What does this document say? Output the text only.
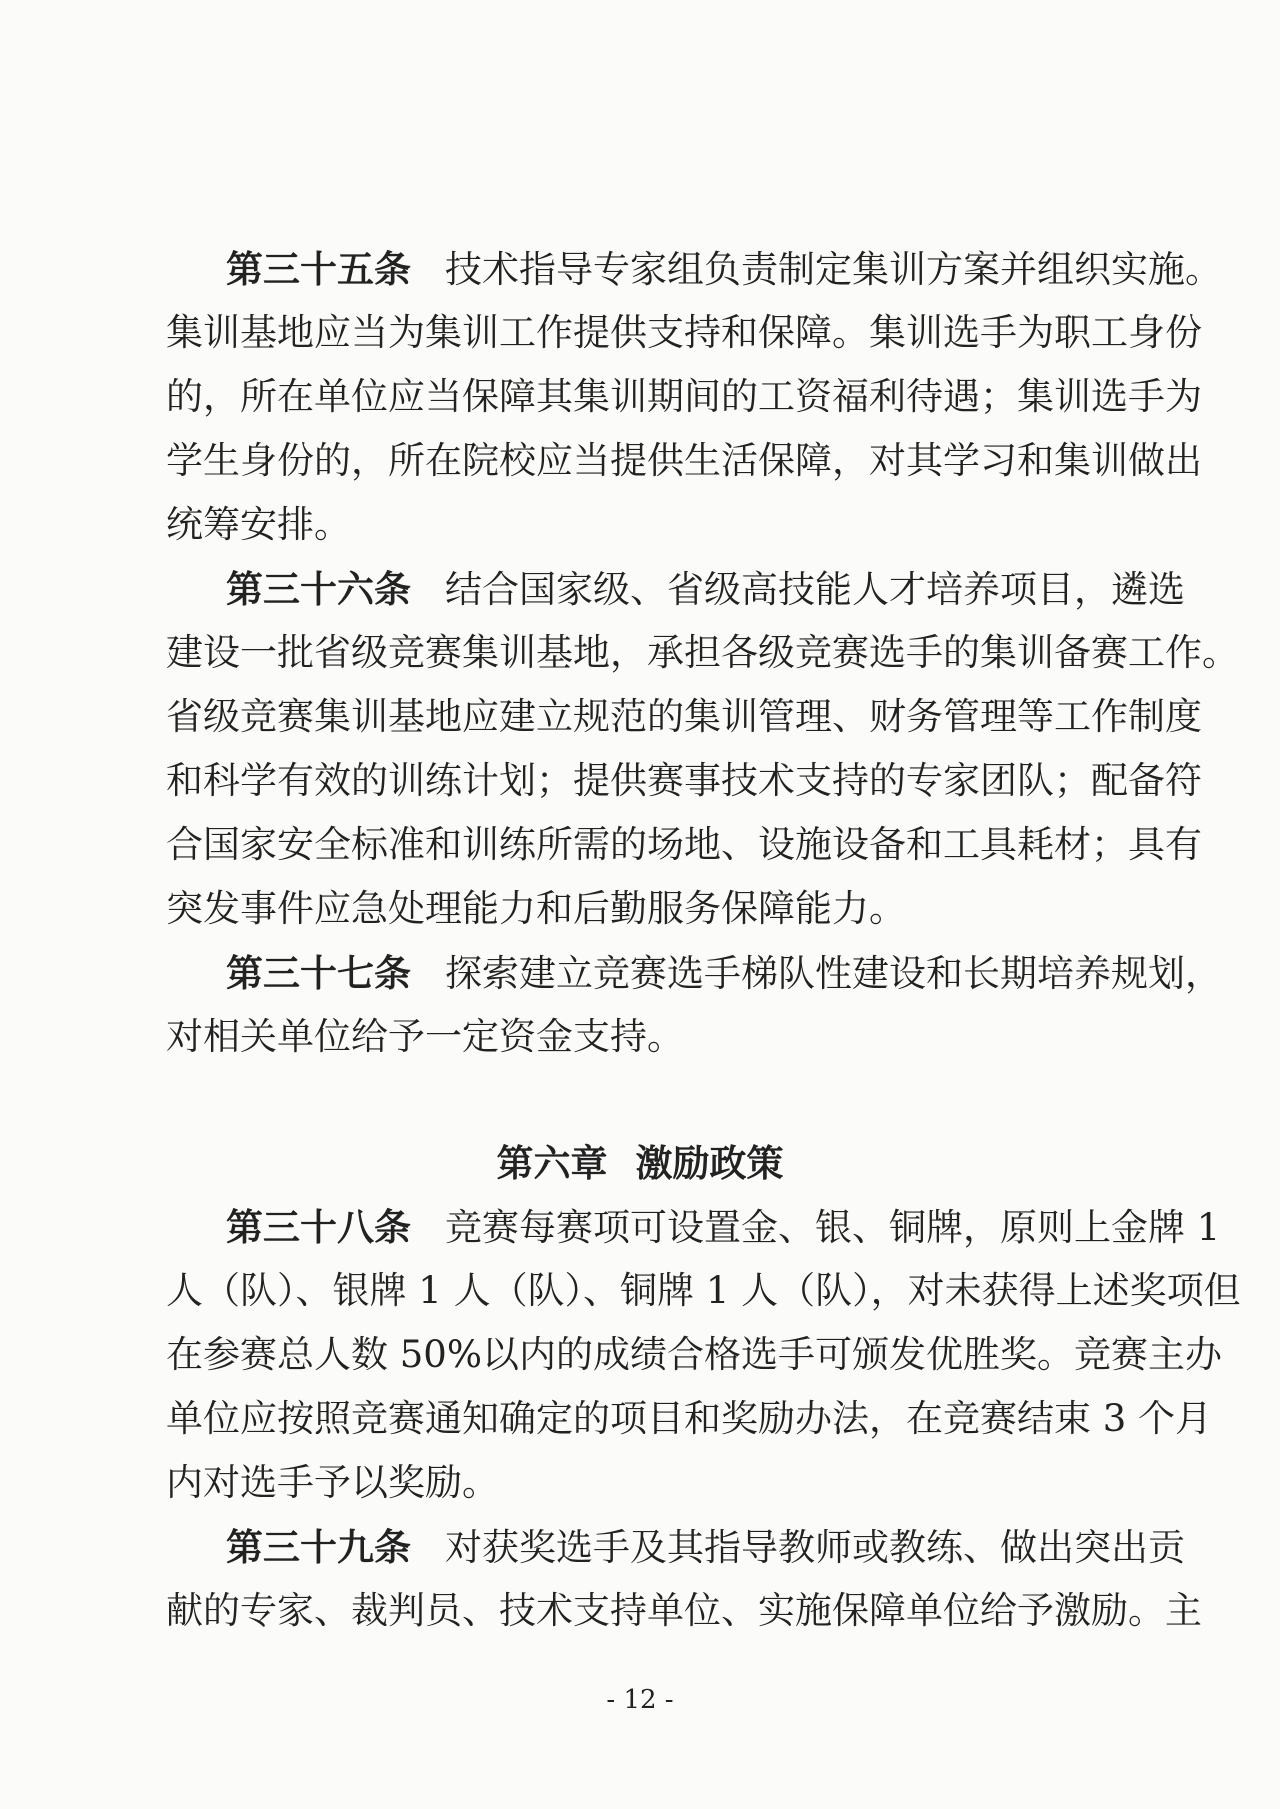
第三十五条 技术指导专家组负责制定集训方案并组织实施。
集训基地应当为集训工作提供支持和保障。集训选手为职工身份
的，所在单位应当保障其集训期间的工资福利待遇；集训选手为
学生身份的，所在院校应当提供生活保障，对其学习和集训做出
统筹安排。
第三十六条 结合国家级、省级高技能人才培养项目，遴选
建设一批省级竞赛集训基地，承担各级竞赛选手的集训备赛工作。
省级竞赛集训基地应建立规范的集训管理、财务管理等工作制度
和科学有效的训练计划；提供赛事技术支持的专家团队；配备符
合国家安全标准和训练所需的场地、设施设备和工具耗材；具有
突发事件应急处理能力和后勤服务保障能力。
第三十七条 探索建立竞赛选手梯队性建设和长期培养规划，
对相关单位给予一定资金支持。
第六章 激励政策
第三十八条 竞赛每赛项可设置金、银、铜牌，原则上金牌 1
人（队）、银牌 1 人（队）、铜牌 1 人（队），对未获得上述奖项但
在参赛总人数 50%以内的成绩合格选手可颁发优胜奖。竞赛主办
单位应按照竞赛通知确定的项目和奖励办法，在竞赛结束 3 个月
内对选手予以奖励。
第三十九条 对获奖选手及其指导教师或教练、做出突出贡
献的专家、裁判员、技术支持单位、实施保障单位给予激励。主
- 12 -
